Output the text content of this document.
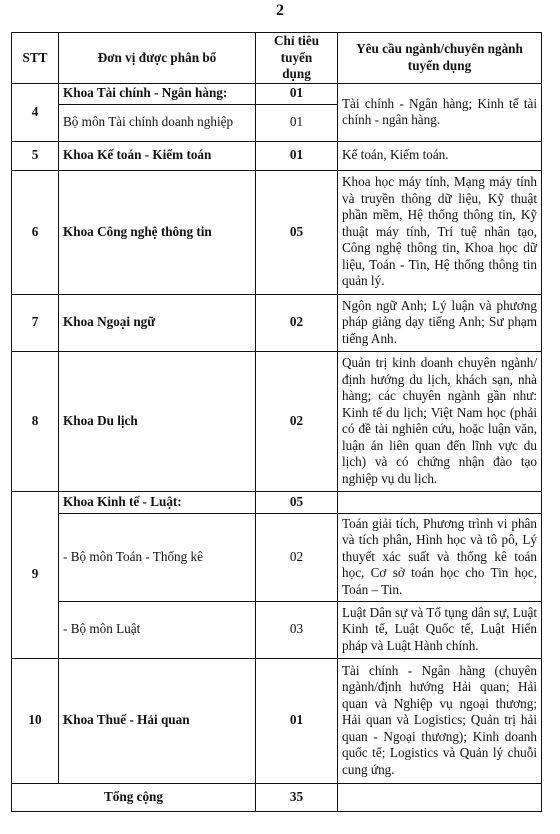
2
STT	Đơn vị được phân bổ	Chỉ tiêu tuyển dụng	Yêu cầu ngành/chuyên ngành tuyển dụng
4	Khoa Tài chính - Ngân hàng:	01	Tài chính - Ngân hàng; Kinh tế tài chính - ngân hàng.
	Bộ môn Tài chính doanh nghiệp	01	
5	Khoa Kế toán - Kiểm toán	01	Kế toán, Kiểm toán.
6	Khoa Công nghệ thông tin	05	Khoa học máy tính, Mạng máy tính và truyền thông dữ liệu, Kỹ thuật phần mềm, Hệ thống thông tin, Kỹ thuật máy tính, Trí tuệ nhân tạo, Công nghệ thông tin, Khoa học dữ liệu, Toán - Tin, Hệ thống thông tin quản lý.
7	Khoa Ngoại ngữ	02	Ngôn ngữ Anh; Lý luận và phương pháp giảng dạy tiếng Anh; Sư phạm tiếng Anh.
8	Khoa Du lịch	02	Quản trị kinh doanh chuyên ngành/định hướng du lịch, khách sạn, nhà hàng; các chuyên ngành gần như: Kinh tế du lịch; Việt Nam học (phải có đề tài nghiên cứu, hoặc luận văn, luận án liên quan đến lĩnh vực du lịch) và có chứng nhận đào tạo nghiệp vụ du lịch.
9	Khoa Kinh tế - Luật:	05	
	- Bộ môn Toán - Thống kê	02	Toán giải tích, Phương trình vi phân và tích phân, Hình học và tô pô, Lý thuyết xác suất và thống kê toán học, Cơ sở toán học cho Tin học, Toán – Tin.
	- Bộ môn Luật	03	Luật Dân sự và Tố tụng dân sự, Luật Kinh tế, Luật Quốc tế, Luật Hiến pháp và Luật Hành chính.
10	Khoa Thuế - Hải quan	01	Tài chính - Ngân hàng (chuyên ngành/định hướng Hải quan; Hải quan và Nghiệp vụ ngoại thương; Hải quan và Logistics; Quản trị hải quan - Ngoại thương); Kinh doanh quốc tế; Logistics và Quản lý chuỗi cung ứng.
Tổng cộng		35	
